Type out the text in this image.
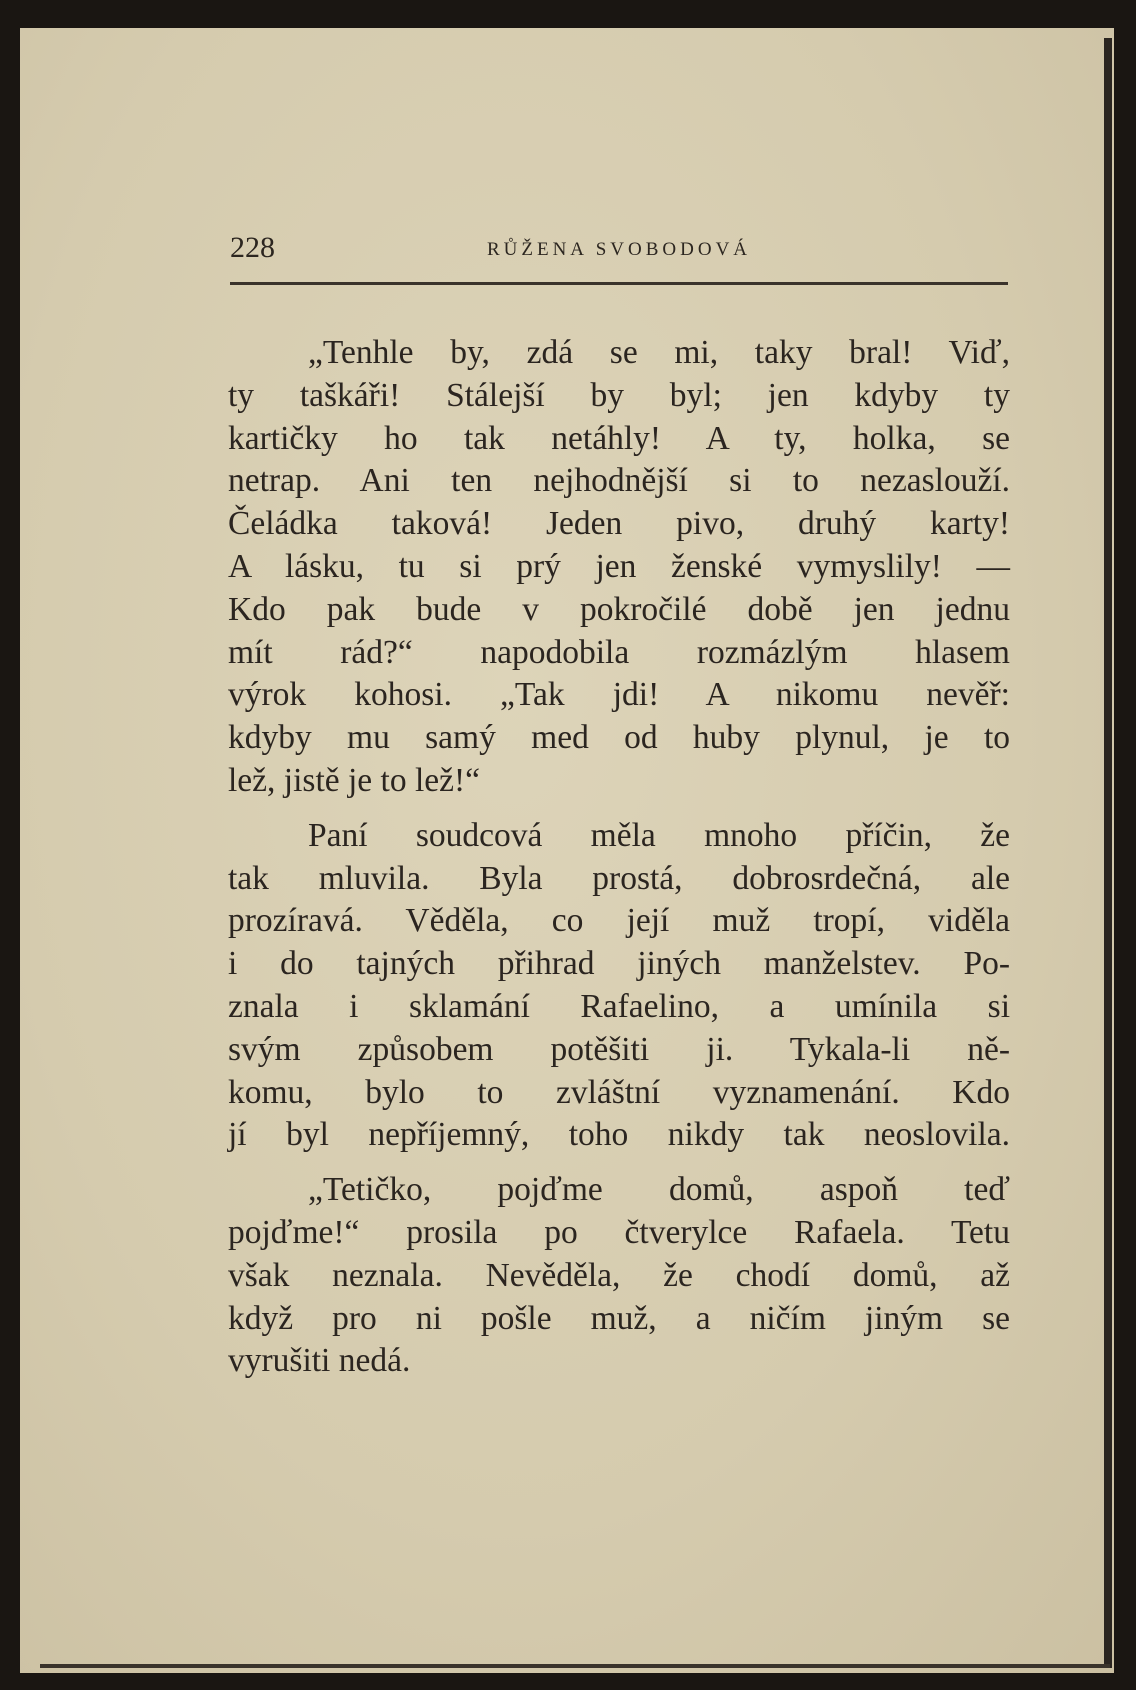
228	RŮŽENA SVOBODOVÁ
„Tenhle by, zdá se mi, taky bral! Viď,
ty taškáři! Stálejší by byl; jen kdyby ty
kartičky ho tak netáhly! A ty, holka, se
netrap. Ani ten nejhodnější si to nezaslouží.
Čeládka taková! Jeden pivo, druhý karty!
A lásku, tu si prý jen ženské vymyslily! —
Kdo pak bude v pokročilé době jen jednu
mít rád?“ napodobila rozmázlým hlasem
výrok kohosi. „Tak jdi! A nikomu nevěř:
kdyby mu samý med od huby plynul, je to
lež, jistě je to lež!“
Paní soudcová měla mnoho příčin, že
tak mluvila. Byla prostá, dobrosrdečná, ale
prozíravá. Věděla, co její muž tropí, viděla
i do tajných přihrad jiných manželstev. Po-
znala i sklamání Rafaelino, a umínila si
svým způsobem potěšiti ji. Tykala-li ně-
komu, bylo to zvláštní vyznamenání. Kdo
jí byl nepříjemný, toho nikdy tak neoslovila.
„Tetičko, pojďme domů, aspoň teď
pojďme!“ prosila po čtverylce Rafaela. Tetu
však neznala. Nevěděla, že chodí domů, až
když pro ni pošle muž, a ničím jiným se
vyrušiti nedá.
